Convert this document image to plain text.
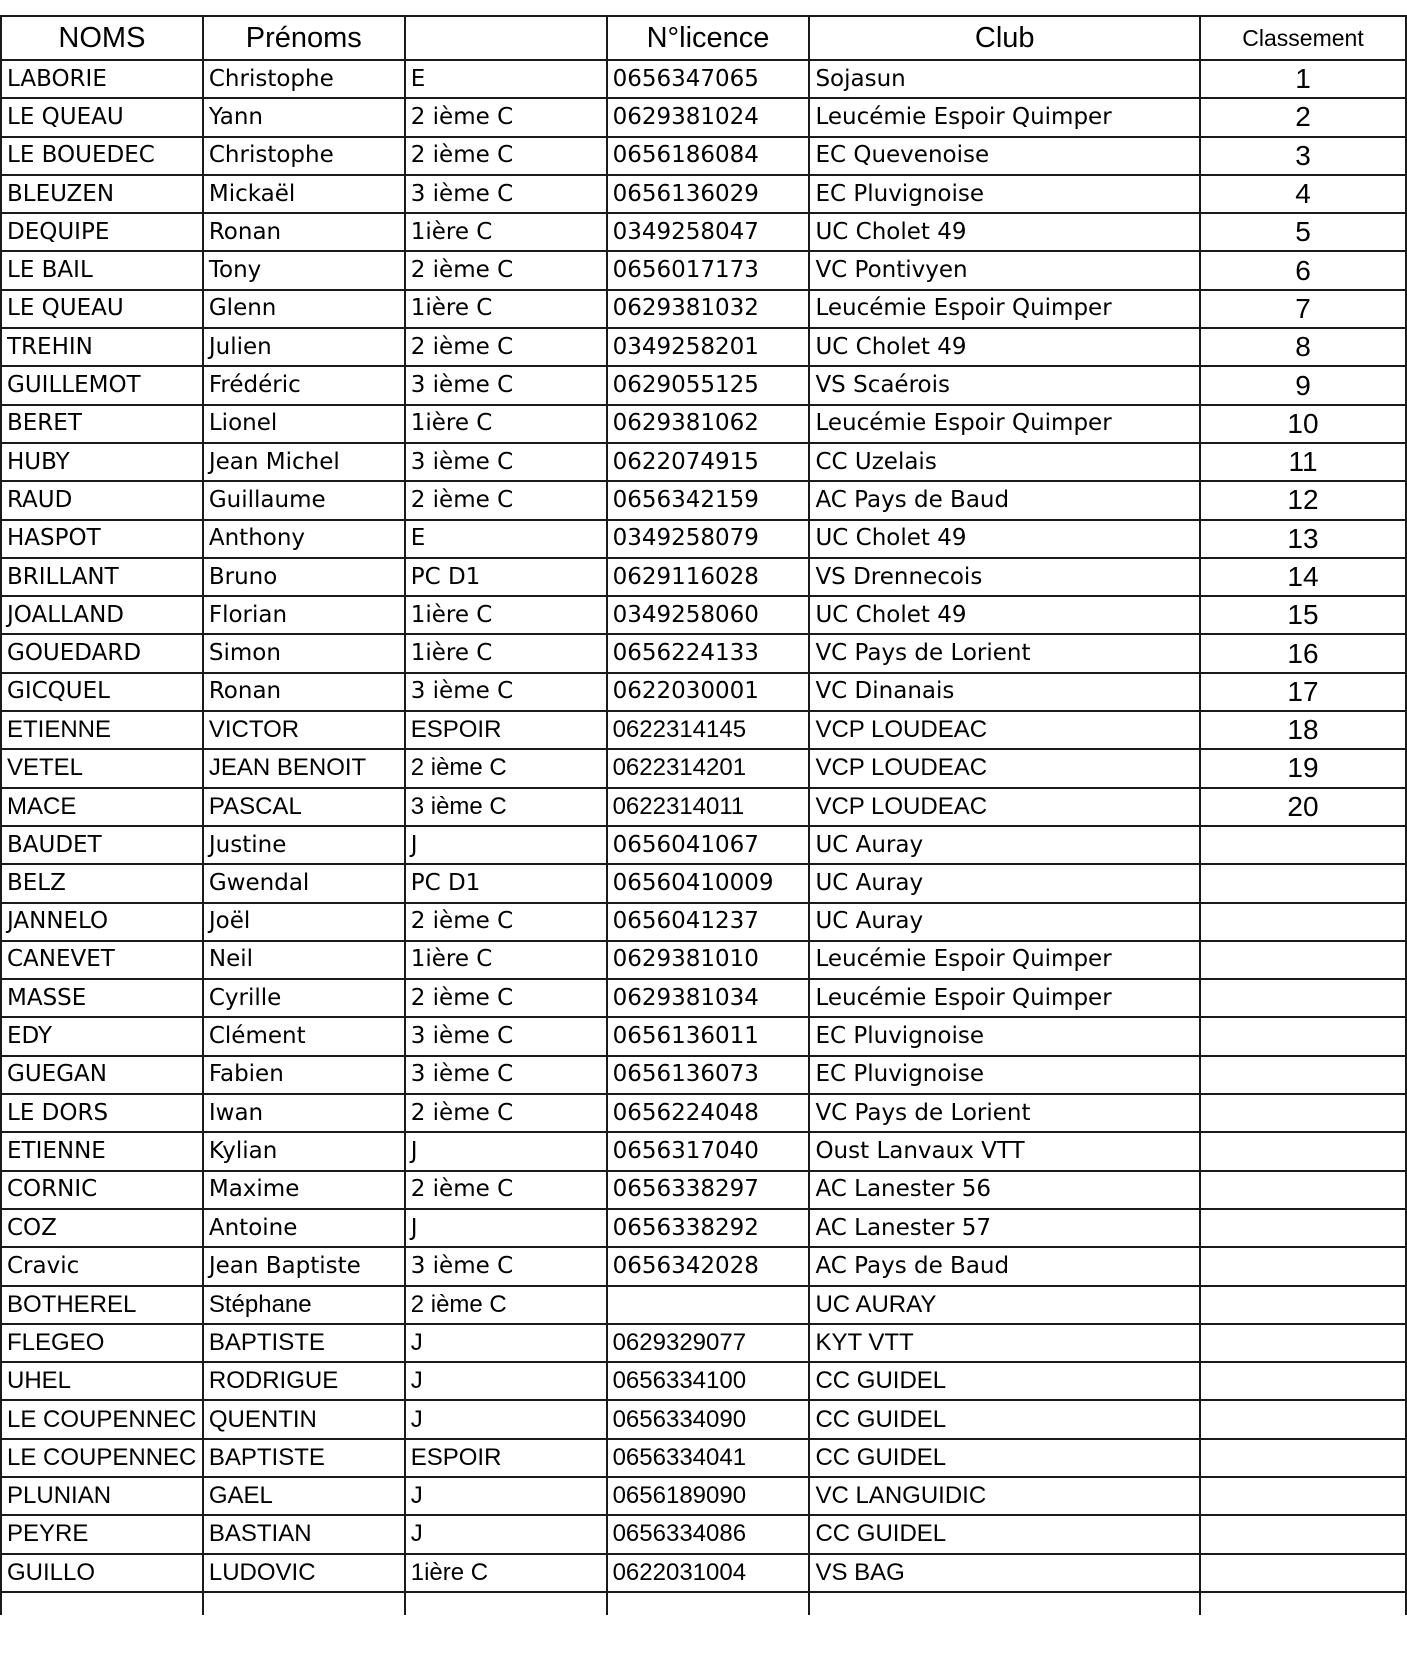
NOMS	Prénoms		N°licence	Club	Classement
LABORIE	Christophe	E	0656347065	Sojasun	1
LE QUEAU	Yann	2 ième C	0629381024	Leucémie Espoir Quimper	2
LE BOUEDEC	Christophe	2 ième C	0656186084	EC Quevenoise	3
BLEUZEN	Mickaël	3 ième C	0656136029	EC Pluvignoise	4
DEQUIPE	Ronan	1ière C	0349258047	UC Cholet 49	5
LE BAIL	Tony	2 ième C	0656017173	VC Pontivyen	6
LE QUEAU	Glenn	1ière C	0629381032	Leucémie Espoir Quimper	7
TREHIN	Julien	2 ième C	0349258201	UC Cholet 49	8
GUILLEMOT	Frédéric	3 ième C	0629055125	VS Scaérois	9
BERET	Lionel	1ière C	0629381062	Leucémie Espoir Quimper	10
HUBY	Jean Michel	3 ième C	0622074915	CC Uzelais	11
RAUD	Guillaume	2 ième C	0656342159	AC Pays de Baud	12
HASPOT	Anthony	E	0349258079	UC Cholet 49	13
BRILLANT	Bruno	PC D1	0629116028	VS Drennecois	14
JOALLAND	Florian	1ière C	0349258060	UC Cholet 49	15
GOUEDARD	Simon	1ière C	0656224133	VC Pays de Lorient	16
GICQUEL	Ronan	3 ième C	0622030001	VC Dinanais	17
ETIENNE	VICTOR	ESPOIR	0622314145	VCP LOUDEAC	18
VETEL	JEAN BENOIT	2 ième C	0622314201	VCP LOUDEAC	19
MACE	PASCAL	3 ième C	0622314011	VCP LOUDEAC	20
BAUDET	Justine	J	0656041067	UC Auray	
BELZ	Gwendal	PC D1	06560410009	UC Auray	
JANNELO	Joël	2 ième C	0656041237	UC Auray	
CANEVET	Neil	1ière C	0629381010	Leucémie Espoir Quimper	
MASSE	Cyrille	2 ième C	0629381034	Leucémie Espoir Quimper	
EDY	Clément	3 ième C	0656136011	EC Pluvignoise	
GUEGAN	Fabien	3 ième C	0656136073	EC Pluvignoise	
LE DORS	Iwan	2 ième C	0656224048	VC Pays de Lorient	
ETIENNE	Kylian	J	0656317040	Oust Lanvaux VTT	
CORNIC	Maxime	2 ième C	0656338297	AC Lanester 56	
COZ	Antoine	J	0656338292	AC Lanester 57	
Cravic	Jean Baptiste	3 ième C	0656342028	AC Pays de Baud	
BOTHEREL	Stéphane	2 ième C		UC AURAY	
FLEGEO	BAPTISTE	J	0629329077	KYT VTT	
UHEL	RODRIGUE	J	0656334100	CC GUIDEL	
LE COUPENNEC	QUENTIN	J	0656334090	CC GUIDEL	
LE COUPENNEC	BAPTISTE	ESPOIR	0656334041	CC GUIDEL	
PLUNIAN	GAEL	J	0656189090	VC LANGUIDIC	
PEYRE	BASTIAN	J	0656334086	CC GUIDEL	
GUILLO	LUDOVIC	1ière C	0622031004	VS BAG	
